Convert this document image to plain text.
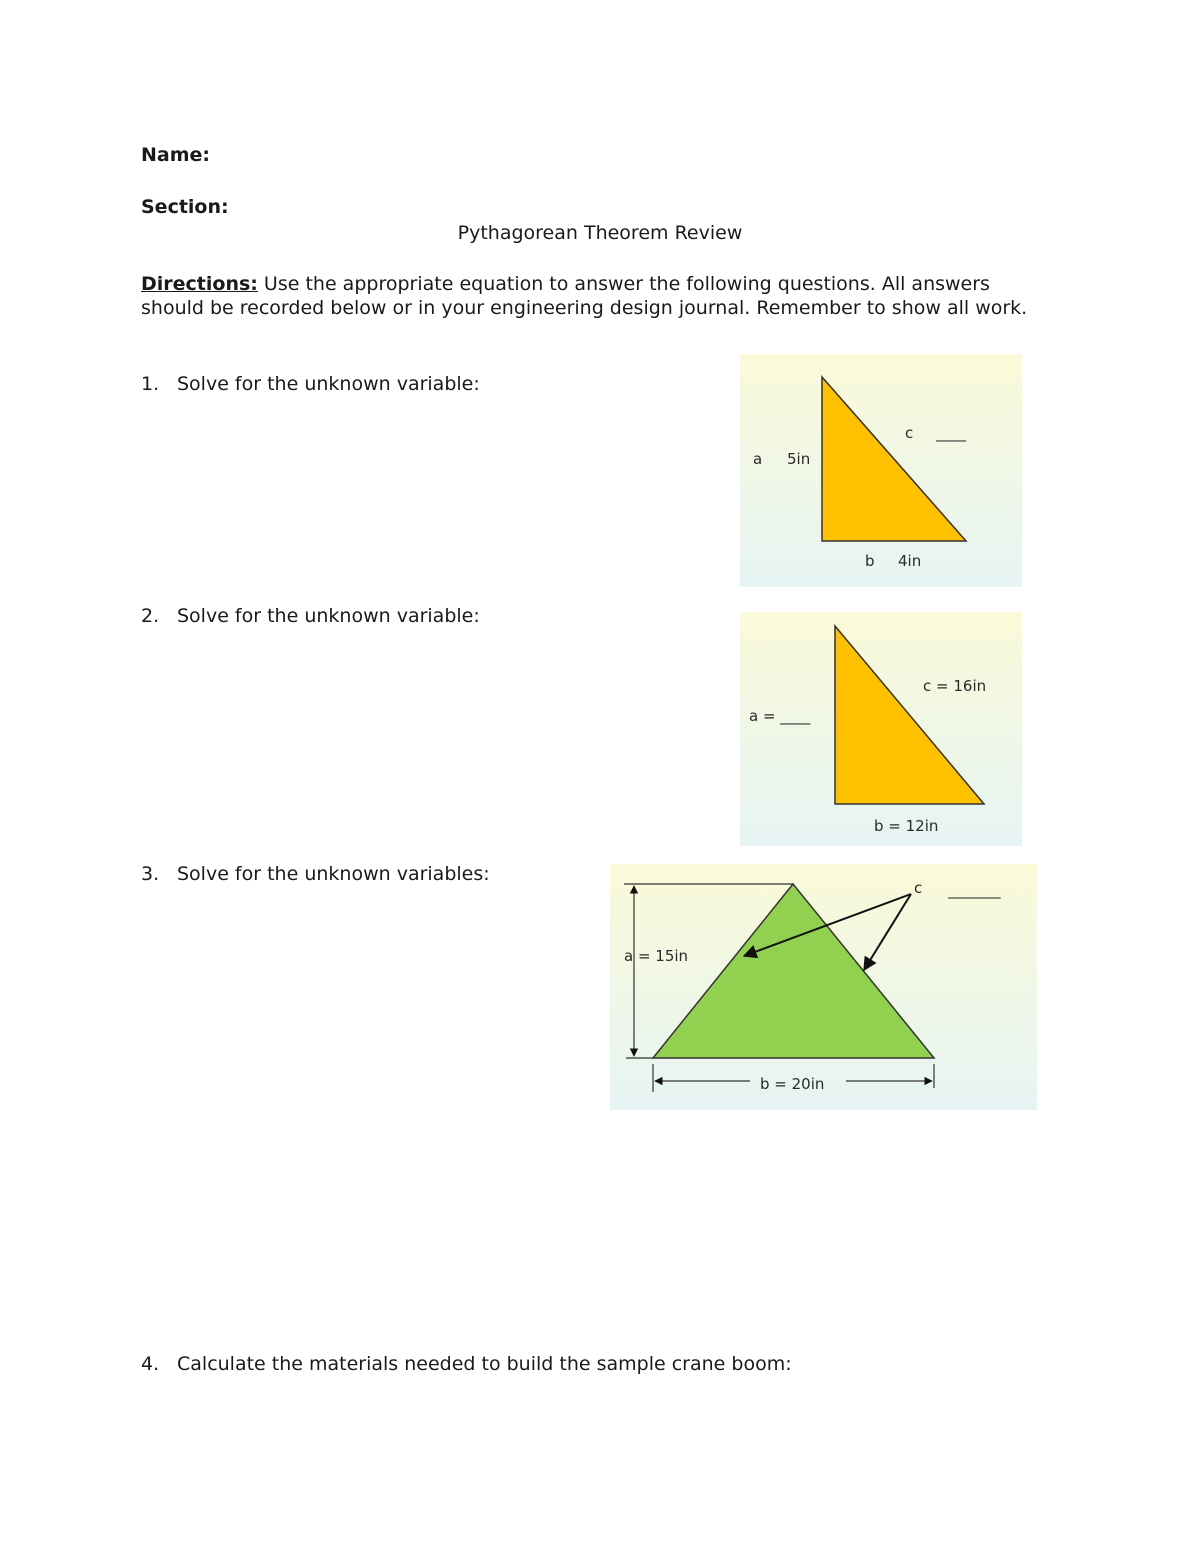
Name:
Section:
Pythagorean Theorem Review
Directions: Use the appropriate equation to answer the following questions. All answers should be recorded below or in your engineering design journal. Remember to show all work.
1. Solve for the unknown variable:
2. Solve for the unknown variable:
3. Solve for the unknown variables:
4. Calculate the materials needed to build the sample crane boom:
a 5in
c ____
b 4in
c = 16in
a = ____
b = 12in
c _______
a = 15in
b = 20in
